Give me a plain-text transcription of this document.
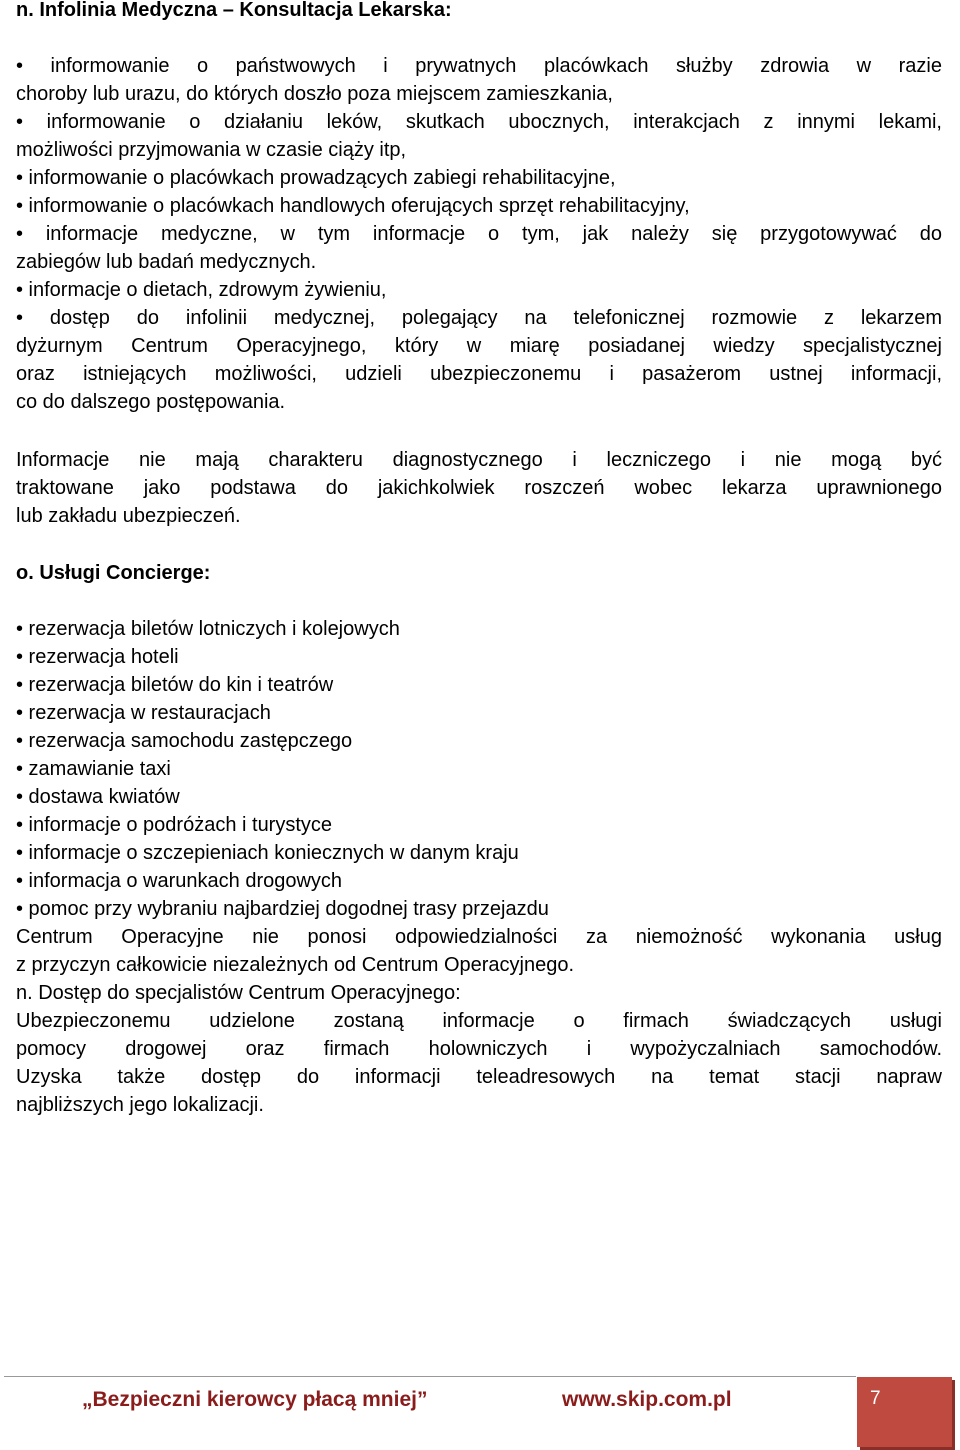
n. Infolinia Medyczna – Konsultacja Lekarska:
• informowanie o państwowych i prywatnych placówkach służby zdrowia w razie
choroby lub urazu, do których doszło poza miejscem zamieszkania,
• informowanie o działaniu leków, skutkach ubocznych, interakcjach z innymi lekami,
możliwości przyjmowania w czasie ciąży itp,
• informowanie o placówkach prowadzących zabiegi rehabilitacyjne,
• informowanie o placówkach handlowych oferujących sprzęt rehabilitacyjny,
• informacje medyczne, w tym informacje o tym, jak należy się przygotowywać do
zabiegów lub badań medycznych.
• informacje o dietach, zdrowym żywieniu,
• dostęp do infolinii medycznej, polegający na telefonicznej rozmowie z lekarzem
dyżurnym Centrum Operacyjnego, który w miarę posiadanej wiedzy specjalistycznej
oraz istniejących możliwości, udzieli ubezpieczonemu i pasażerom ustnej informacji,
co do dalszego postępowania.
Informacje nie mają charakteru diagnostycznego i leczniczego i nie mogą być
traktowane jako podstawa do jakichkolwiek roszczeń wobec lekarza uprawnionego
lub zakładu ubezpieczeń.
o. Usługi Concierge:
• rezerwacja biletów lotniczych i kolejowych
• rezerwacja hoteli
• rezerwacja biletów do kin i teatrów
• rezerwacja w restauracjach
• rezerwacja samochodu zastępczego
• zamawianie taxi
• dostawa kwiatów
• informacje o podróżach i turystyce
• informacje o szczepieniach koniecznych w danym kraju
• informacja o warunkach drogowych
• pomoc przy wybraniu najbardziej dogodnej trasy przejazdu
Centrum Operacyjne nie ponosi odpowiedzialności za niemożność wykonania usług
z przyczyn całkowicie niezależnych od Centrum Operacyjnego.
n. Dostęp do specjalistów Centrum Operacyjnego:
Ubezpieczonemu udzielone zostaną informacje o firmach świadczących usługi
pomocy drogowej oraz firmach holowniczych i wypożyczalniach samochodów.
Uzyska także dostęp do informacji teleadresowych na temat stacji napraw
najbliższych jego lokalizacji.
„Bezpieczni kierowcy płacą mniej”	www.skip.com.pl	7
